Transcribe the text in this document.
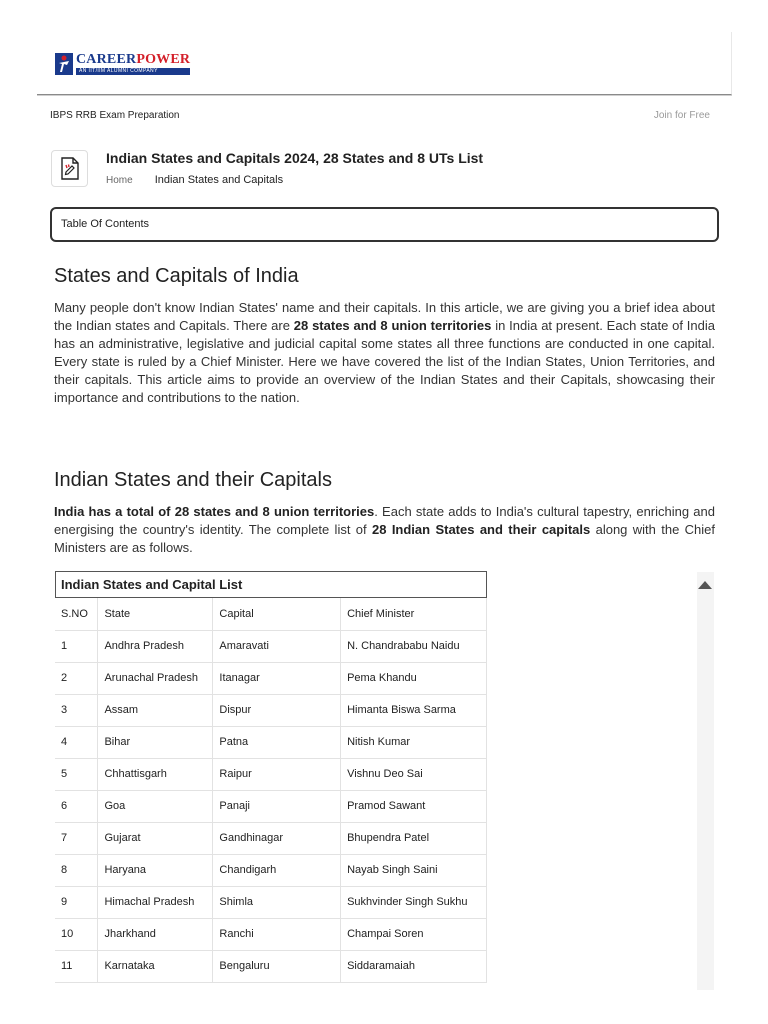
CAREERPOWER
AN IIT/IIM ALUMNI COMPANY
IBPS RRB Exam Preparation	Join for Free
Indian States and Capitals 2024, 28 States and 8 UTs List
Home Indian States and Capitals
Table Of Contents
States and Capitals of India

Many people don't know Indian States' name and their capitals. In this article, we are giving you a brief idea about the Indian states and Capitals. There are 28 states and 8 union territories in India at present. Each state of India has an administrative, legislative and judicial capital some states all three functions are conducted in one capital. Every state is ruled by a Chief Minister. Here we have covered the list of the Indian States, Union Territories, and their capitals. This article aims to provide an overview of the Indian States and their Capitals, showcasing their importance and contributions to the nation.

Indian States and their Capitals

India has a total of 28 states and 8 union territories. Each state adds to India's cultural tapestry, enriching and energising the country's identity. The complete list of 28 Indian States and their capitals along with the Chief Ministers are as follows.

Indian States and Capital List
S.NO	State	Capital	Chief Minister
1	Andhra Pradesh	Amaravati	N. Chandrababu Naidu
2	Arunachal Pradesh	Itanagar	Pema Khandu
3	Assam	Dispur	Himanta Biswa Sarma
4	Bihar	Patna	Nitish Kumar
5	Chhattisgarh	Raipur	Vishnu Deo Sai
6	Goa	Panaji	Pramod Sawant
7	Gujarat	Gandhinagar	Bhupendra Patel
8	Haryana	Chandigarh	Nayab Singh Saini
9	Himachal Pradesh	Shimla	Sukhvinder Singh Sukhu
10	Jharkhand	Ranchi	Champai Soren
11	Karnataka	Bengaluru	Siddaramaiah
